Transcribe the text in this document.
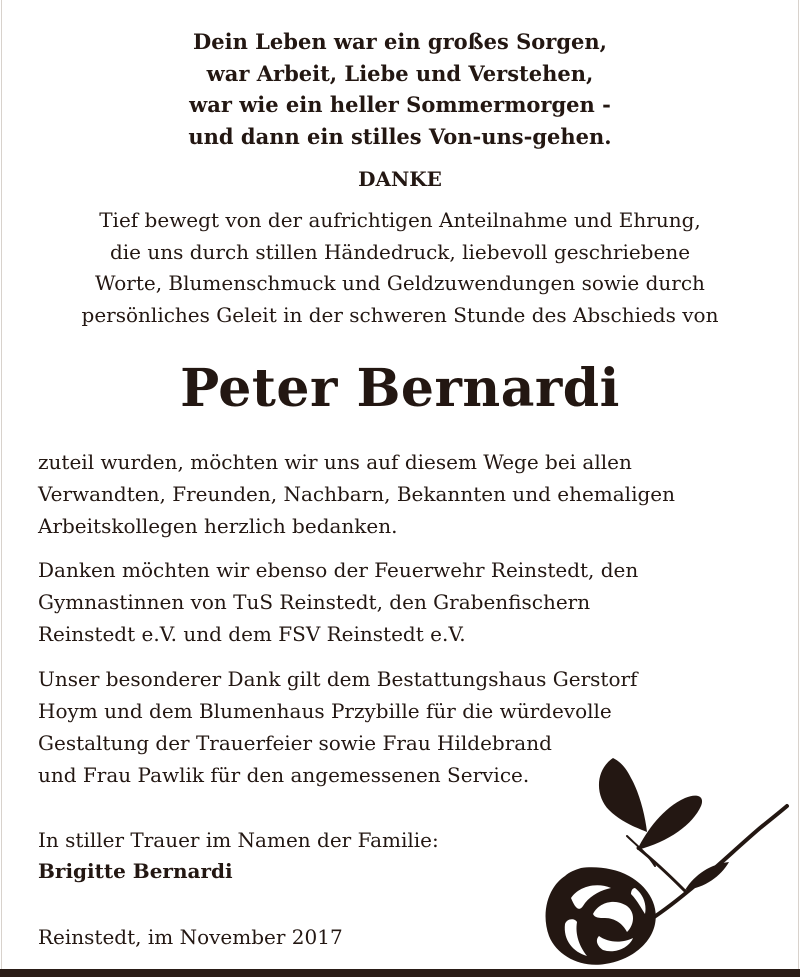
Dein Leben war ein großes Sorgen,
war Arbeit, Liebe und Verstehen,
war wie ein heller Sommermorgen -
und dann ein stilles Von-uns-gehen.
DANKE
Tief bewegt von der aufrichtigen Anteilnahme und Ehrung,
die uns durch stillen Händedruck, liebevoll geschriebene
Worte, Blumenschmuck und Geldzuwendungen sowie durch
persönliches Geleit in der schweren Stunde des Abschieds von
Peter Bernardi
zuteil wurden, möchten wir uns auf diesem Wege bei allen
Verwandten, Freunden, Nachbarn, Bekannten und ehemaligen
Arbeitskollegen herzlich bedanken.
Danken möchten wir ebenso der Feuerwehr Reinstedt, den
Gymnastinnen von TuS Reinstedt, den Grabenfischern
Reinstedt e.V. und dem FSV Reinstedt e.V.
Unser besonderer Dank gilt dem Bestattungshaus Gerstorf
Hoym und dem Blumenhaus Przybille für die würdevolle
Gestaltung der Trauerfeier sowie Frau Hildebrand
und Frau Pawlik für den angemessenen Service.
In stiller Trauer im Namen der Familie:
Brigitte Bernardi
Reinstedt, im November 2017
